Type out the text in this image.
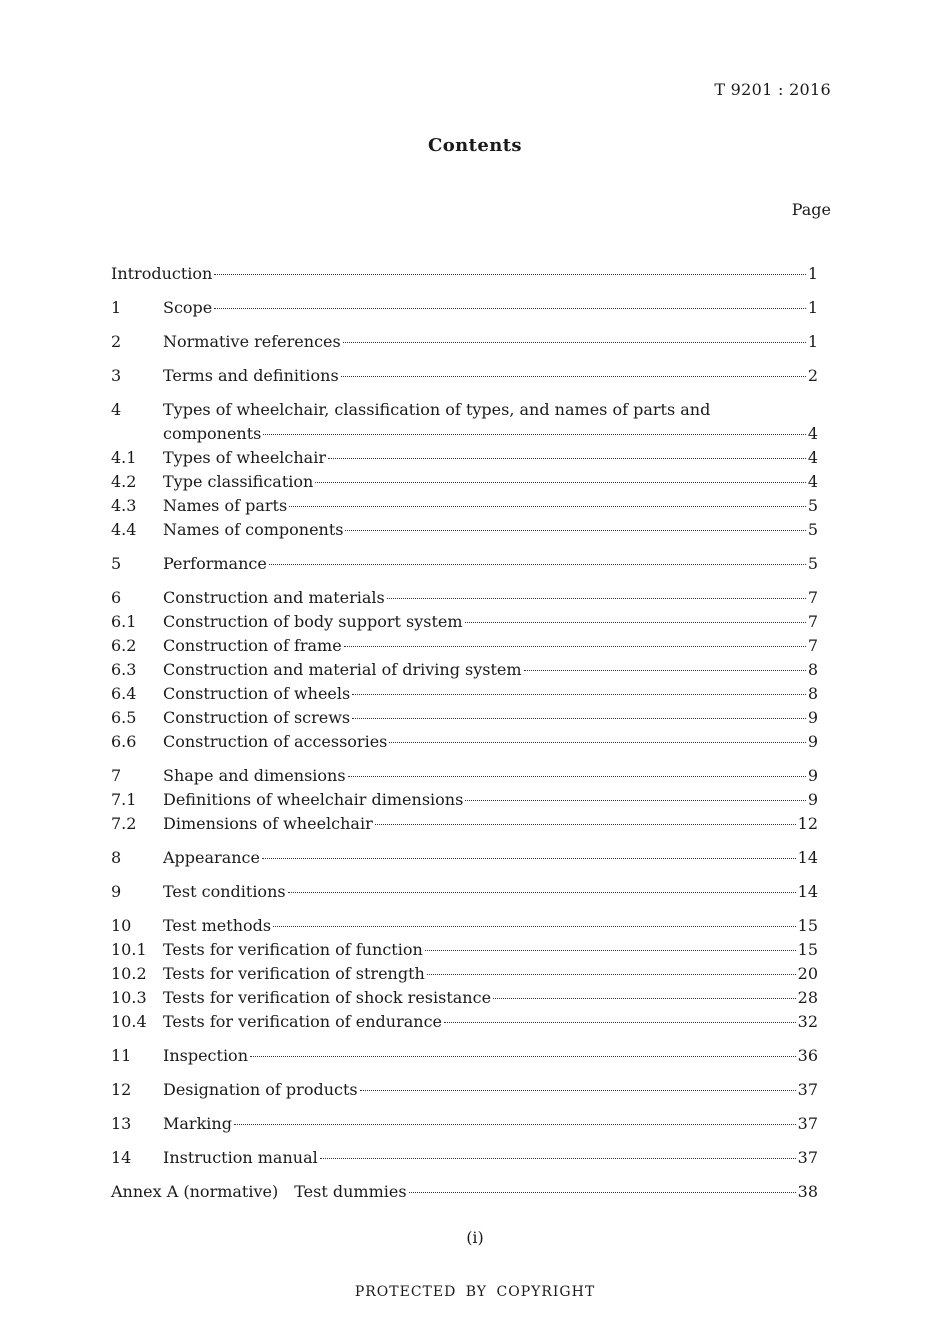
T 9201 : 2016
Contents
Page
Introduction	1
1	Scope	1
2	Normative references	1
3	Terms and definitions	2
4	Types of wheelchair, classification of types, and names of parts and
components	4
4.1	Types of wheelchair	4
4.2	Type classification	4
4.3	Names of parts	5
4.4	Names of components	5
5	Performance	5
6	Construction and materials	7
6.1	Construction of body support system	7
6.2	Construction of frame	7
6.3	Construction and material of driving system	8
6.4	Construction of wheels	8
6.5	Construction of screws	9
6.6	Construction of accessories	9
7	Shape and dimensions	9
7.1	Definitions of wheelchair dimensions	9
7.2	Dimensions of wheelchair	12
8	Appearance	14
9	Test conditions	14
10	Test methods	15
10.1	Tests for verification of function	15
10.2	Tests for verification of strength	20
10.3	Tests for verification of shock resistance	28
10.4	Tests for verification of endurance	32
11	Inspection	36
12	Designation of products	37
13	Marking	37
14	Instruction manual	37
Annex A (normative) Test dummies	38
(i)
PROTECTED BY COPYRIGHT
